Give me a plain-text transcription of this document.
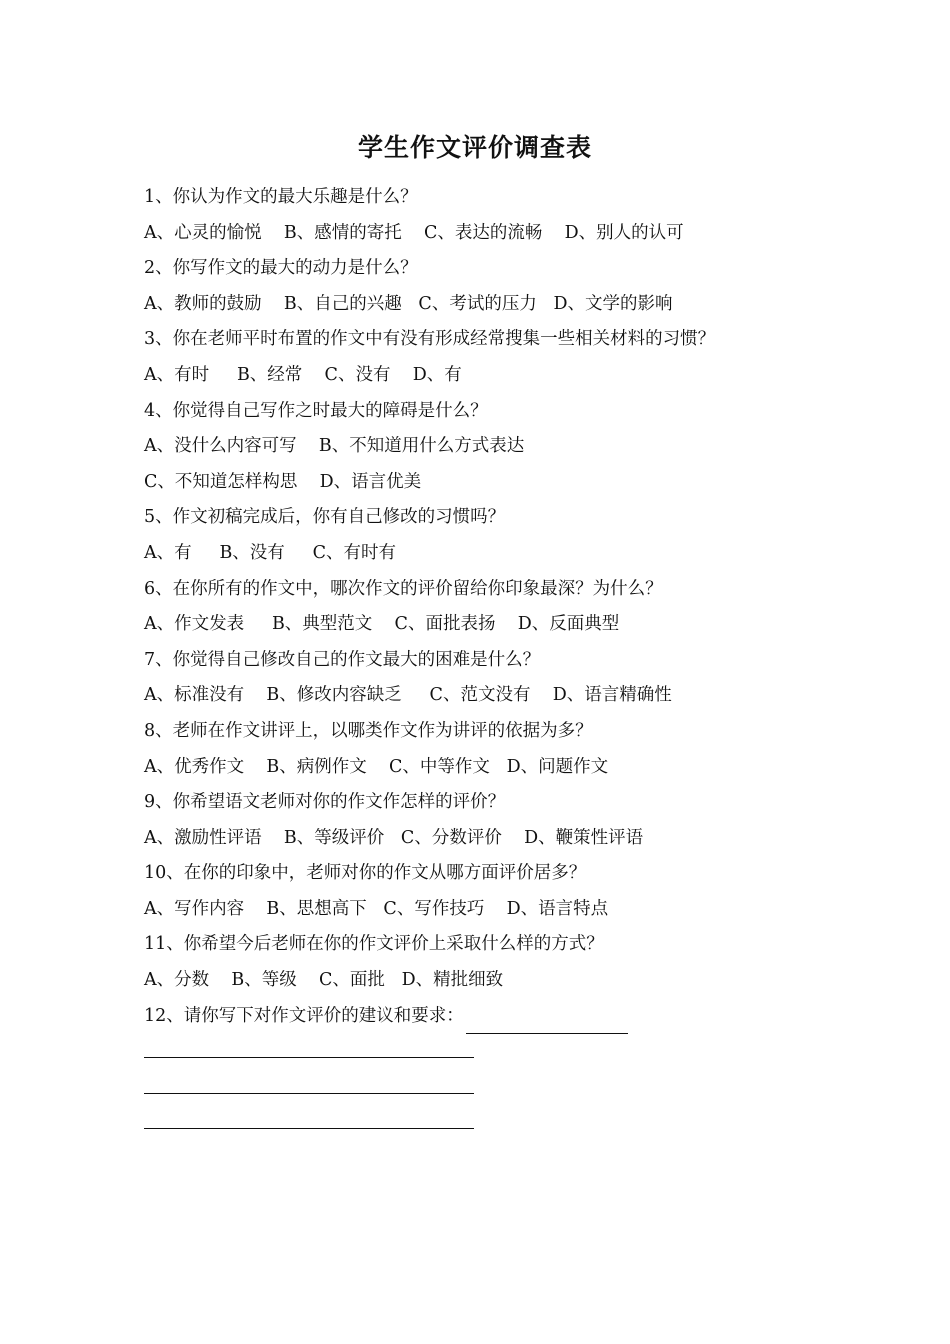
学生作文评价调查表
1、你认为作文的最大乐趣是什么？
A、心灵的愉悦    B、感情的寄托    C、表达的流畅    D、别人的认可
2、你写作文的最大的动力是什么？
A、教师的鼓励    B、自己的兴趣   C、考试的压力   D、文学的影响
3、你在老师平时布置的作文中有没有形成经常搜集一些相关材料的习惯？
A、有时     B、经常    C、没有    D、有
4、你觉得自己写作之时最大的障碍是什么？
A、没什么内容可写    B、不知道用什么方式表达
C、不知道怎样构思    D、语言优美
5、作文初稿完成后，你有自己修改的习惯吗？
A、有     B、没有     C、有时有
6、在你所有的作文中，哪次作文的评价留给你印象最深？为什么？
A、作文发表     B、典型范文    C、面批表扬    D、反面典型
7、你觉得自己修改自己的作文最大的困难是什么？
A、标准没有    B、修改内容缺乏     C、范文没有    D、语言精确性
8、老师在作文讲评上，以哪类作文作为讲评的依据为多？
A、优秀作文    B、病例作文    C、中等作文   D、问题作文
9、你希望语文老师对你的作文作怎样的评价？
A、激励性评语    B、等级评价   C、分数评价    D、鞭策性评语
10、在你的印象中，老师对你的作文从哪方面评价居多？
A、写作内容    B、思想高下   C、写作技巧    D、语言特点
11、你希望今后老师在你的作文评价上采取什么样的方式？
A、分数    B、等级    C、面批   D、精批细致
12、请你写下对作文评价的建议和要求：
